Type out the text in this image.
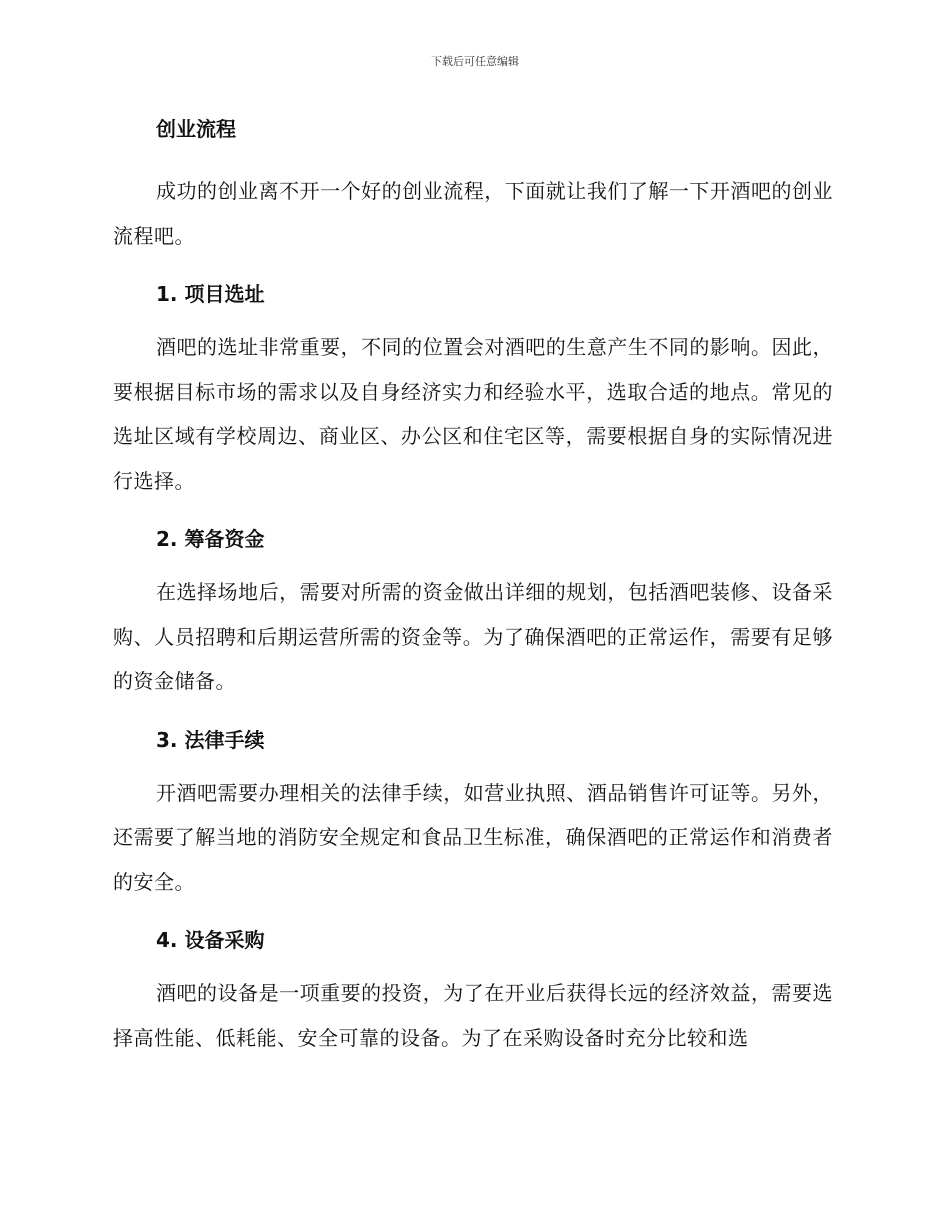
下载后可任意编辑

创业流程

成功的创业离不开一个好的创业流程，下面就让我们了解一下开酒吧的创业流程吧。

1. 项目选址

酒吧的选址非常重要，不同的位置会对酒吧的生意产生不同的影响。因此，要根据目标市场的需求以及自身经济实力和经验水平，选取合适的地点。常见的选址区域有学校周边、商业区、办公区和住宅区等，需要根据自身的实际情况进行选择。

2. 筹备资金

在选择场地后，需要对所需的资金做出详细的规划，包括酒吧装修、设备采购、人员招聘和后期运营所需的资金等。为了确保酒吧的正常运作，需要有足够的资金储备。

3. 法律手续

开酒吧需要办理相关的法律手续，如营业执照、酒品销售许可证等。另外，还需要了解当地的消防安全规定和食品卫生标准，确保酒吧的正常运作和消费者的安全。

4. 设备采购

酒吧的设备是一项重要的投资，为了在开业后获得长远的经济效益，需要选择高性能、低耗能、安全可靠的设备。为了在采购设备时充分比较和选
